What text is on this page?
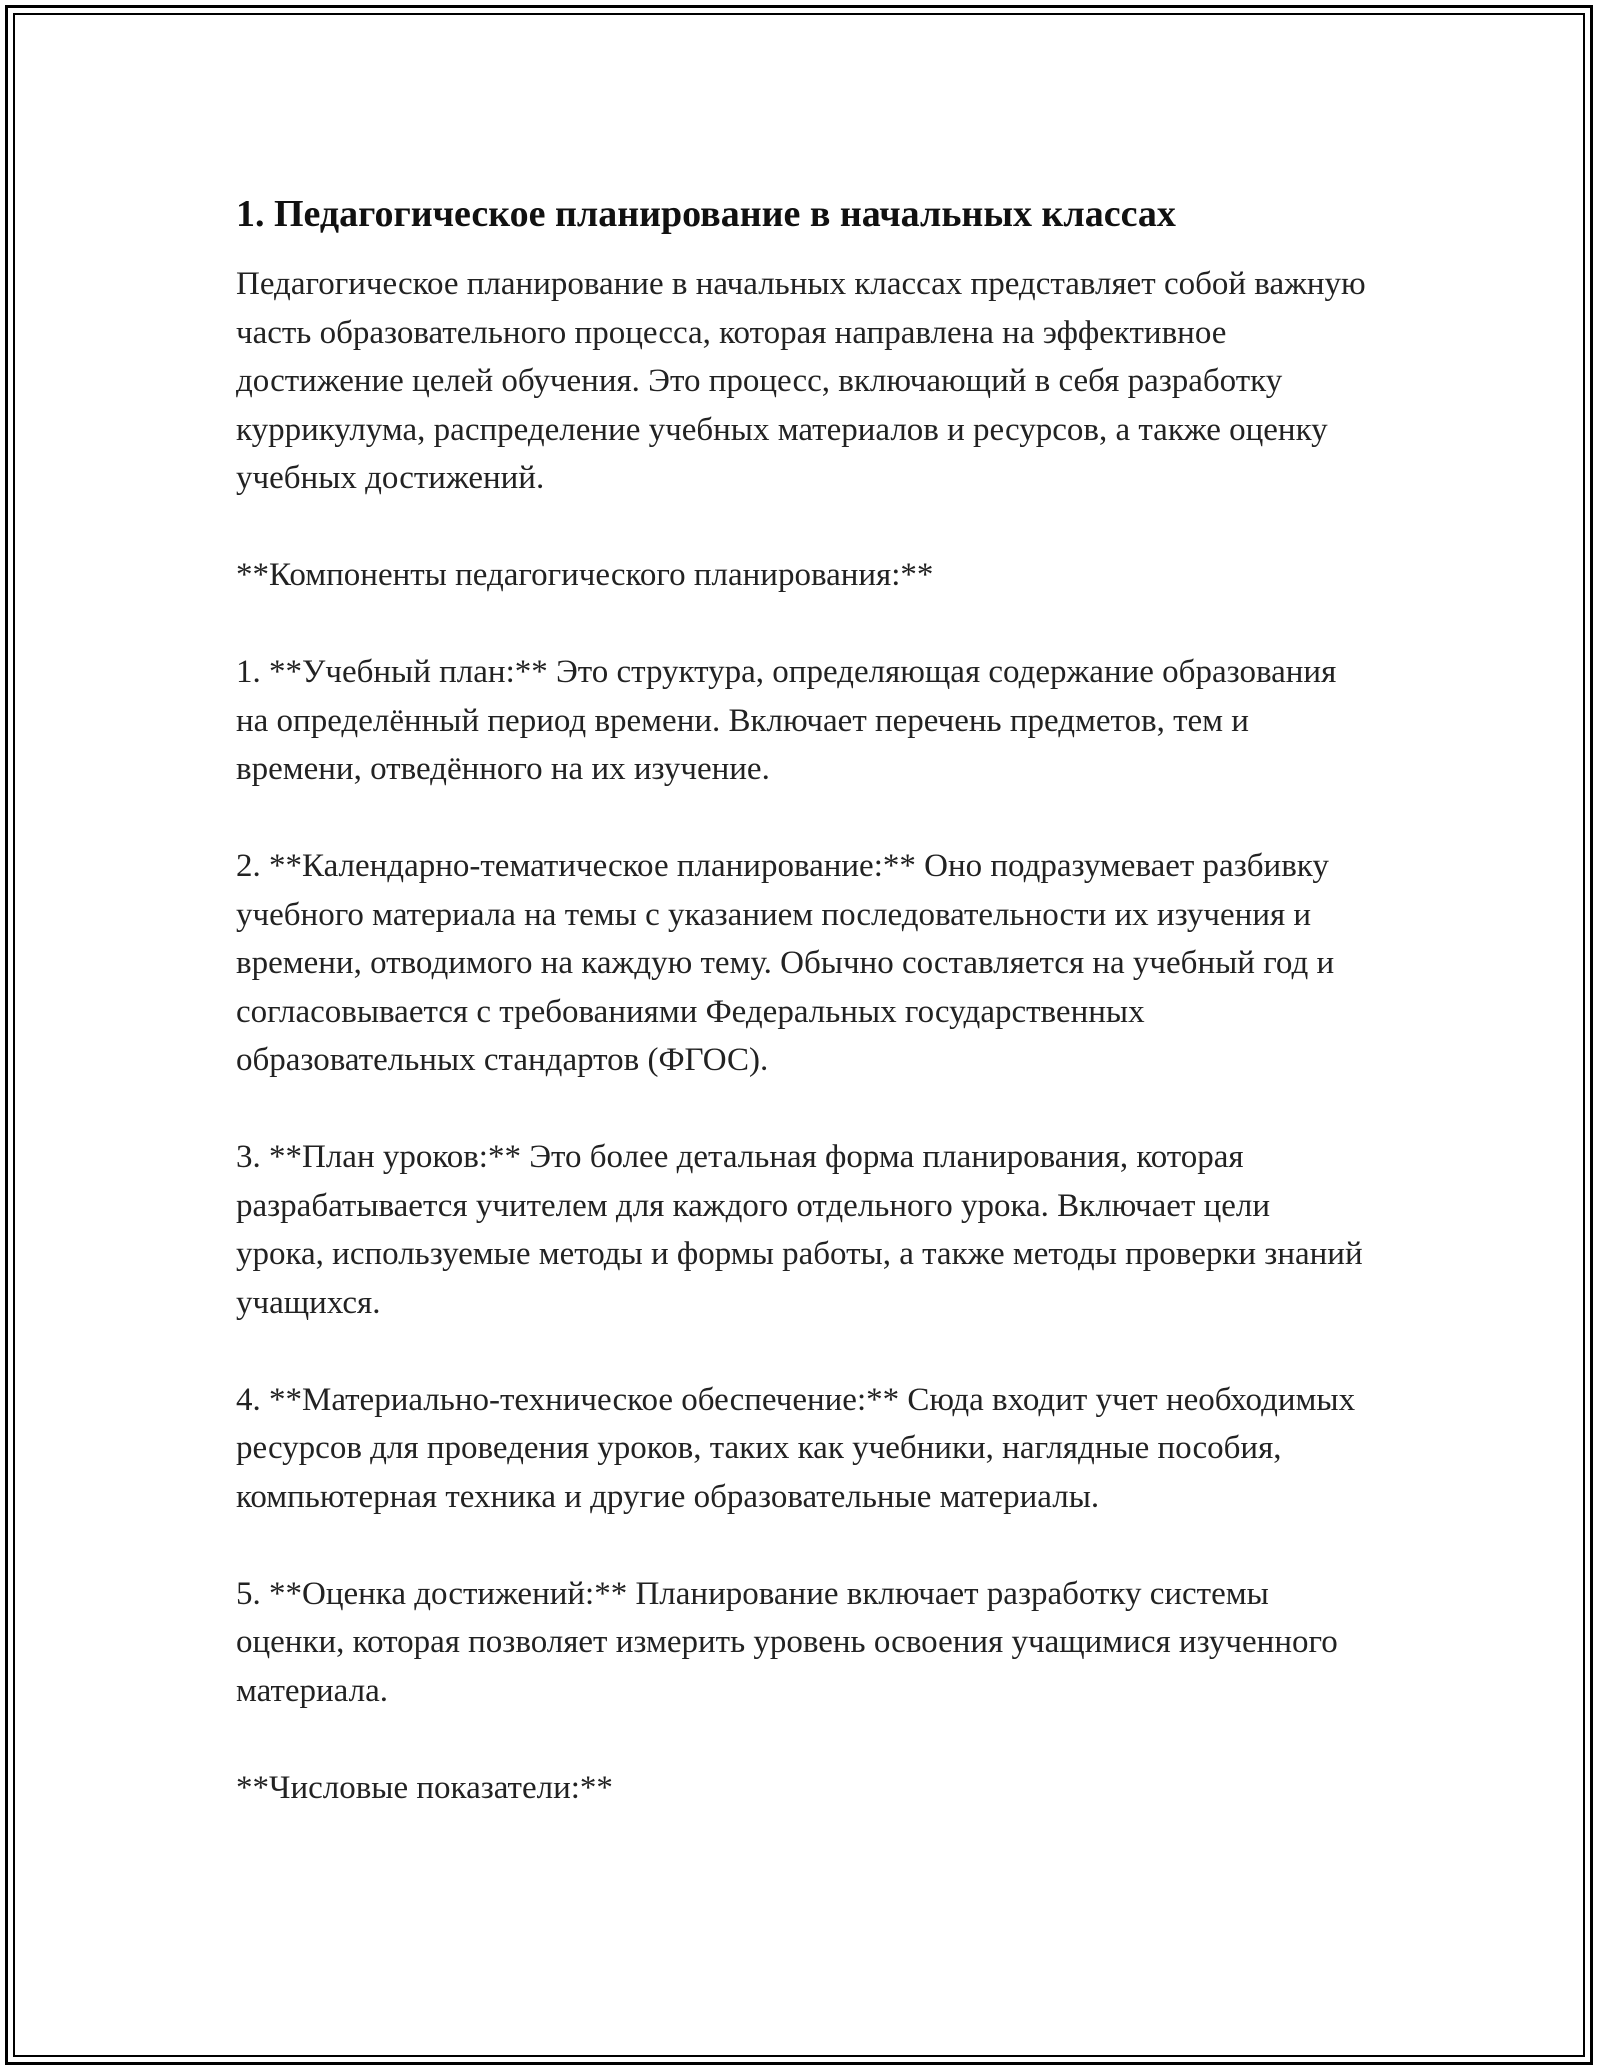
1. Педагогическое планирование в начальных классах

Педагогическое планирование в начальных классах представляет собой важную часть образовательного процесса, которая направлена на эффективное достижение целей обучения. Это процесс, включающий в себя разработку куррикулума, распределение учебных материалов и ресурсов, а также оценку учебных достижений.

**Компоненты педагогического планирования:**

1. **Учебный план:** Это структура, определяющая содержание образования на определённый период времени. Включает перечень предметов, тем и времени, отведённого на их изучение.

2. **Календарно-тематическое планирование:** Оно подразумевает разбивку учебного материала на темы с указанием последовательности их изучения и времени, отводимого на каждую тему. Обычно составляется на учебный год и согласовывается с требованиями Федеральных государственных образовательных стандартов (ФГОС).

3. **План уроков:** Это более детальная форма планирования, которая разрабатывается учителем для каждого отдельного урока. Включает цели урока, используемые методы и формы работы, а также методы проверки знаний учащихся.

4. **Материально-техническое обеспечение:** Сюда входит учет необходимых ресурсов для проведения уроков, таких как учебники, наглядные пособия, компьютерная техника и другие образовательные материалы.

5. **Оценка достижений:** Планирование включает разработку системы оценки, которая позволяет измерить уровень освоения учащимися изученного материала.

**Числовые показатели:**
